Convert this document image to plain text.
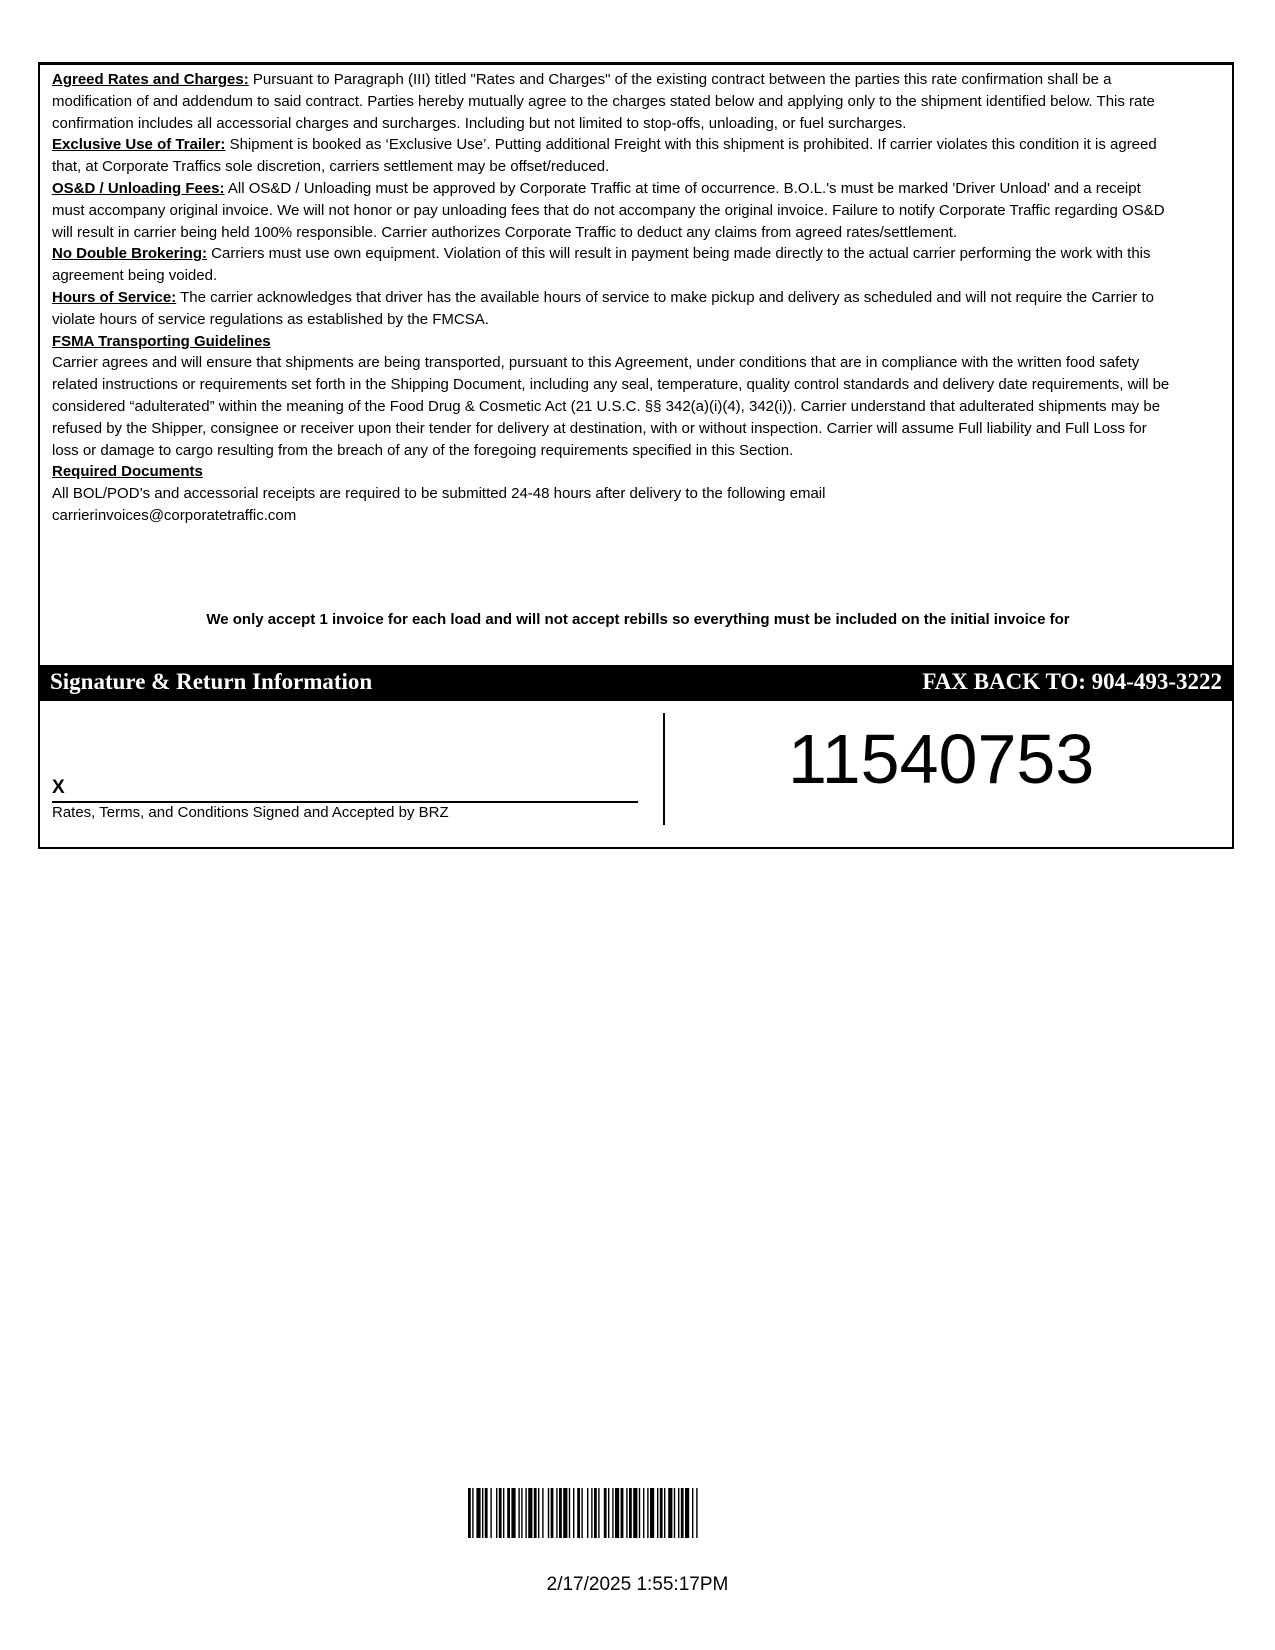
Agreed Rates and Charges: Pursuant to Paragraph (III) titled "Rates and Charges" of the existing contract between the parties this rate confirmation shall be a modification of and addendum to said contract. Parties hereby mutually agree to the charges stated below and applying only to the shipment identified below. This rate confirmation includes all accessorial charges and surcharges. Including but not limited to stop-offs, unloading, or fuel surcharges.

Exclusive Use of Trailer: Shipment is booked as ‘Exclusive Use’. Putting additional Freight with this shipment is prohibited. If carrier violates this condition it is agreed that, at Corporate Traffics sole discretion, carriers settlement may be offset/reduced.

OS&D / Unloading Fees: All OS&D / Unloading must be approved by Corporate Traffic at time of occurrence. B.O.L.'s must be marked 'Driver Unload' and a receipt must accompany original invoice. We will not honor or pay unloading fees that do not accompany the original invoice. Failure to notify Corporate Traffic regarding OS&D will result in carrier being held 100% responsible. Carrier authorizes Corporate Traffic to deduct any claims from agreed rates/settlement.

No Double Brokering: Carriers must use own equipment. Violation of this will result in payment being made directly to the actual carrier performing the work with this agreement being voided.

Hours of Service: The carrier acknowledges that driver has the available hours of service to make pickup and delivery as scheduled and will not require the Carrier to violate hours of service regulations as established by the FMCSA.

FSMA Transporting Guidelines

Carrier agrees and will ensure that shipments are being transported, pursuant to this Agreement, under conditions that are in compliance with the written food safety related instructions or requirements set forth in the Shipping Document, including any seal, temperature, quality control standards and delivery date requirements, will be considered “adulterated” within the meaning of the Food Drug & Cosmetic Act (21 U.S.C. §§ 342(a)(i)(4), 342(i)). Carrier understand that adulterated shipments may be refused by the Shipper, consignee or receiver upon their tender for delivery at destination, with or without inspection. Carrier will assume Full liability and Full Loss for loss or damage to cargo resulting from the breach of any of the foregoing requirements specified in this Section.

Required Documents

All BOL/POD’s and accessorial receipts are required to be submitted 24-48 hours after delivery to the following email

carrierinvoices@corporatetraffic.com

We only accept 1 invoice for each load and will not accept rebills so everything must be included on the initial invoice for

Signature & Return Information	FAX BACK TO: 904-493-3222
X
Rates, Terms, and Conditions Signed and Accepted by BRZ
11540753
2/17/2025 1:55:17PM
